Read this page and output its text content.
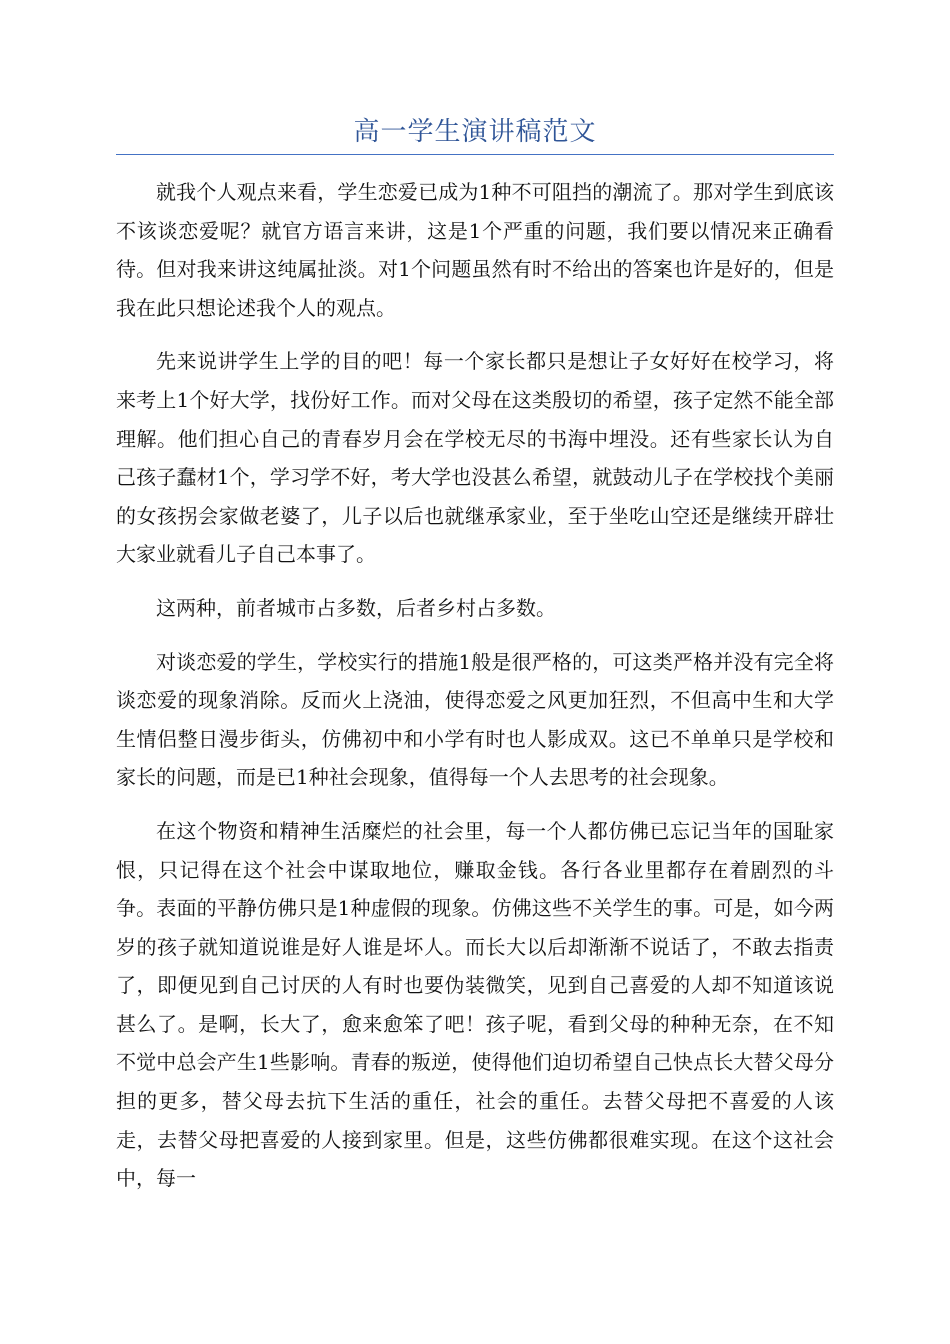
高一学生演讲稿范文

就我个人观点来看，学生恋爱已成为1种不可阻挡的潮流了。那对学生到底该不该谈恋爱呢？就官方语言来讲，这是1个严重的问题，我们要以情况来正确看待。但对我来讲这纯属扯淡。对1个问题虽然有时不给出的答案也许是好的，但是我在此只想论述我个人的观点。

先来说讲学生上学的目的吧！每一个家长都只是想让子女好好在校学习，将来考上1个好大学，找份好工作。而对父母在这类殷切的希望，孩子定然不能全部理解。他们担心自己的青春岁月会在学校无尽的书海中埋没。还有些家长认为自己孩子蠢材1个，学习学不好，考大学也没甚么希望，就鼓动儿子在学校找个美丽的女孩拐会家做老婆了，儿子以后也就继承家业，至于坐吃山空还是继续开辟壮大家业就看儿子自己本事了。

这两种，前者城市占多数，后者乡村占多数。

对谈恋爱的学生，学校实行的措施1般是很严格的，可这类严格并没有完全将谈恋爱的现象消除。反而火上浇油，使得恋爱之风更加狂烈，不但高中生和大学生情侣整日漫步街头，仿佛初中和小学有时也人影成双。这已不单单只是学校和家长的问题，而是已1种社会现象，值得每一个人去思考的社会现象。

在这个物资和精神生活糜烂的社会里，每一个人都仿佛已忘记当年的国耻家恨，只记得在这个社会中谋取地位，赚取金钱。各行各业里都存在着剧烈的斗争。表面的平静仿佛只是1种虚假的现象。仿佛这些不关学生的事。可是，如今两岁的孩子就知道说谁是好人谁是坏人。而长大以后却渐渐不说话了，不敢去指责了，即便见到自己讨厌的人有时也要伪装微笑，见到自己喜爱的人却不知道该说甚么了。是啊，长大了，愈来愈笨了吧！孩子呢，看到父母的种种无奈，在不知不觉中总会产生1些影响。青春的叛逆，使得他们迫切希望自己快点长大替父母分担的更多，替父母去抗下生活的重任，社会的重任。去替父母把不喜爱的人该走，去替父母把喜爱的人接到家里。但是，这些仿佛都很难实现。在这个这社会中，每一
